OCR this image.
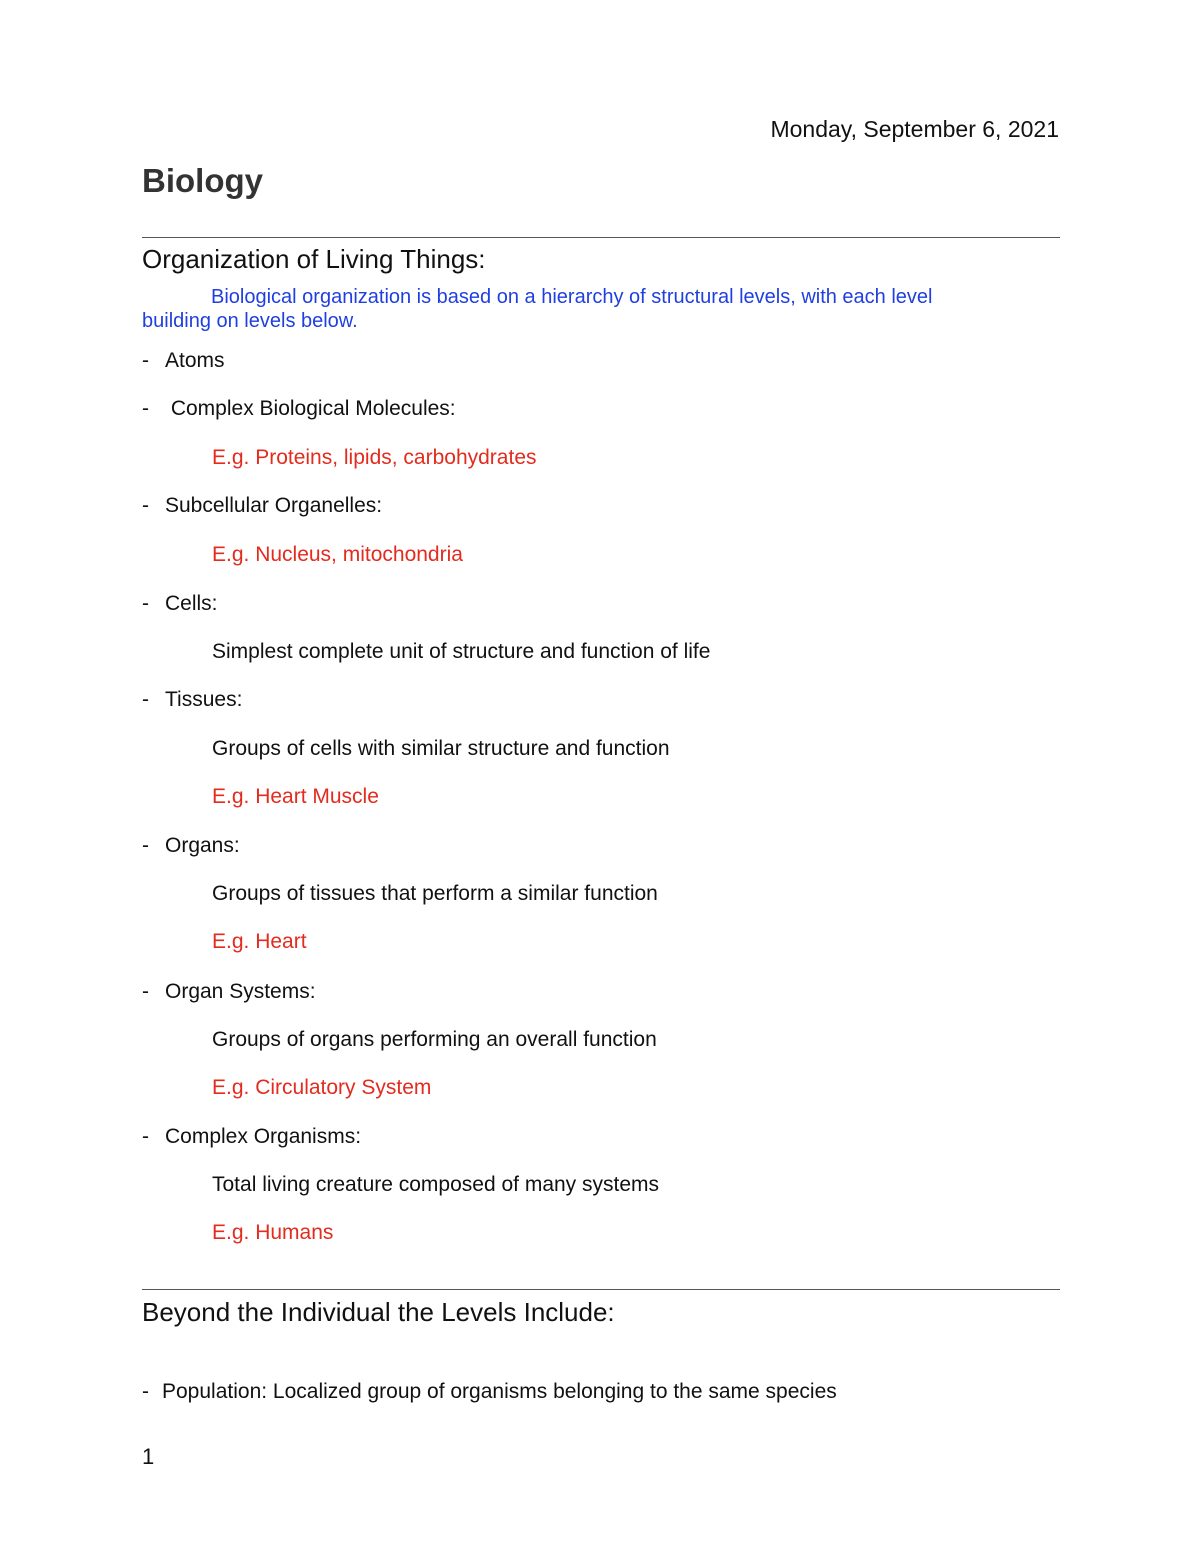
Monday, September 6, 2021
Biology
Organization of Living Things:
Biological organization is based on a hierarchy of structural levels, with each level
building on levels below.
- Atoms
- Complex Biological Molecules:
E.g. Proteins, lipids, carbohydrates
- Subcellular Organelles:
E.g. Nucleus, mitochondria
- Cells:
Simplest complete unit of structure and function of life
- Tissues:
Groups of cells with similar structure and function
E.g. Heart Muscle
- Organs:
Groups of tissues that perform a similar function
E.g. Heart
- Organ Systems:
Groups of organs performing an overall function
E.g. Circulatory System
- Complex Organisms:
Total living creature composed of many systems
E.g. Humans
Beyond the Individual the Levels Include:
- Population: Localized group of organisms belonging to the same species
1
